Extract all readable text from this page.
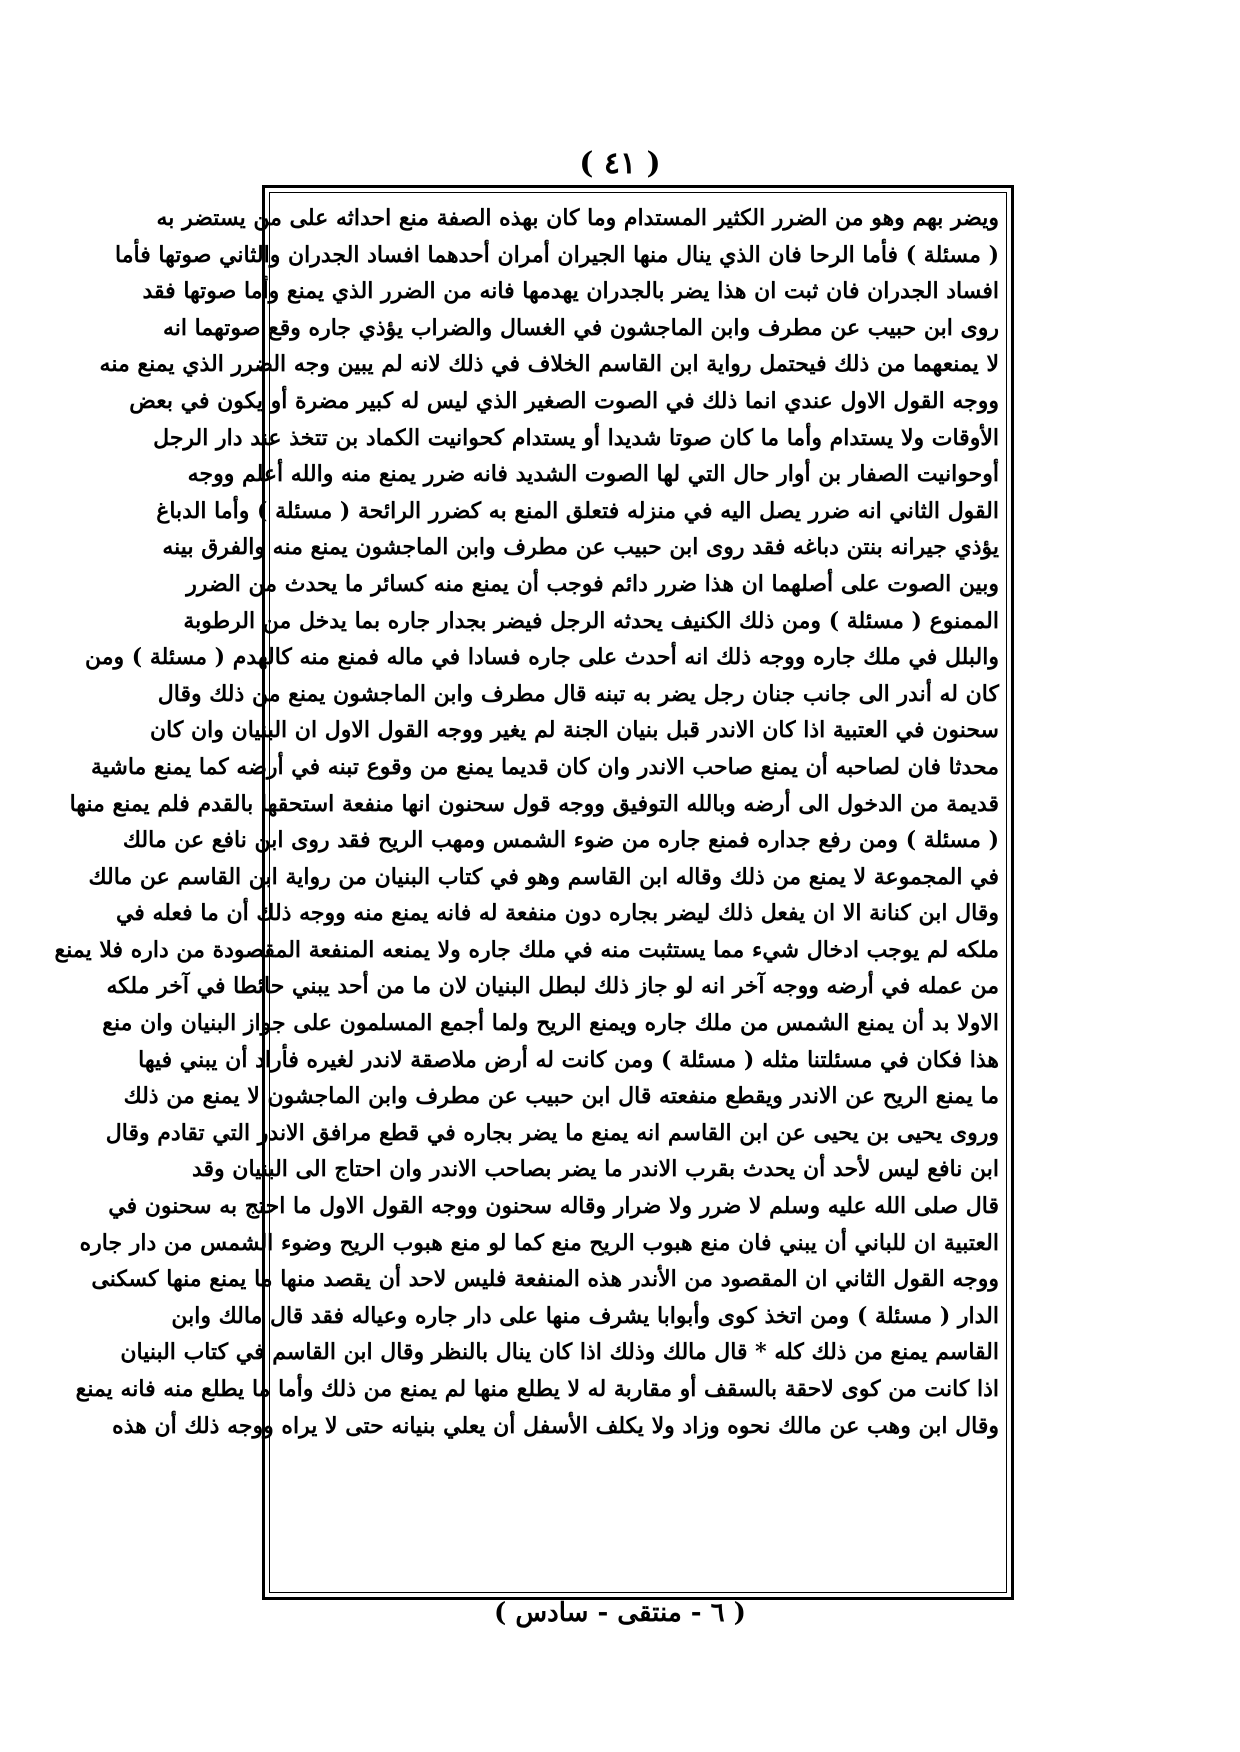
( ٤١ )
ويضر بهم وهو من الضرر الكثير المستدام وما كان بهذه الصفة منع احداثه على من يستضر به
( مسئلة ) فأما الرحا فان الذي ينال منها الجيران أمران أحدهما افساد الجدران والثاني صوتها فأما
افساد الجدران فان ثبت ان هذا يضر بالجدران يهدمها فانه من الضرر الذي يمنع وأما صوتها فقد
روى ابن حبيب عن مطرف وابن الماجشون في الغسال والضراب يؤذي جاره وقع صوتهما انه
لا يمنعهما من ذلك فيحتمل رواية ابن القاسم الخلاف في ذلك لانه لم يبين وجه الضرر الذي يمنع منه
ووجه القول الاول عندي انما ذلك في الصوت الصغير الذي ليس له كبير مضرة أو يكون في بعض
الأوقات ولا يستدام وأما ما كان صوتا شديدا أو يستدام كحوانيت الكماد بن تتخذ عند دار الرجل
أوحوانيت الصفار بن أوار حال التي لها الصوت الشديد فانه ضرر يمنع منه والله أعلم ووجه
القول الثاني انه ضرر يصل اليه في منزله فتعلق المنع به كضرر الرائحة ( مسئلة ) وأما الدباغ
يؤذي جيرانه بنتن دباغه فقد روى ابن حبيب عن مطرف وابن الماجشون يمنع منه والفرق بينه
وبين الصوت على أصلهما ان هذا ضرر دائم فوجب أن يمنع منه كسائر ما يحدث من الضرر
الممنوع ( مسئلة ) ومن ذلك الكنيف يحدثه الرجل فيضر بجدار جاره بما يدخل من الرطوبة
والبلل في ملك جاره ووجه ذلك انه أحدث على جاره فسادا في ماله فمنع منه كالهدم ( مسئلة ) ومن
كان له أندر الى جانب جنان رجل يضر به تبنه قال مطرف وابن الماجشون يمنع من ذلك وقال
سحنون في العتبية اذا كان الاندر قبل بنيان الجنة لم يغير ووجه القول الاول ان البنيان وان كان
محدثا فان لصاحبه أن يمنع صاحب الاندر وان كان قديما يمنع من وقوع تبنه في أرضه كما يمنع ماشية
قديمة من الدخول الى أرضه وبالله التوفيق ووجه قول سحنون انها منفعة استحقها بالقدم فلم يمنع منها
( مسئلة ) ومن رفع جداره فمنع جاره من ضوء الشمس ومهب الريح فقد روى ابن نافع عن مالك
في المجموعة لا يمنع من ذلك وقاله ابن القاسم وهو في كتاب البنيان من رواية ابن القاسم عن مالك
وقال ابن كنانة الا ان يفعل ذلك ليضر بجاره دون منفعة له فانه يمنع منه ووجه ذلك أن ما فعله في
ملكه لم يوجب ادخال شيء مما يستثبت منه في ملك جاره ولا يمنعه المنفعة المقصودة من داره فلا يمنع
من عمله في أرضه ووجه آخر انه لو جاز ذلك لبطل البنيان لان ما من أحد يبني حائطا في آخر ملكه
الاولا بد أن يمنع الشمس من ملك جاره ويمنع الريح ولما أجمع المسلمون على جواز البنيان وان منع
هذا فكان في مسئلتنا مثله ( مسئلة ) ومن كانت له أرض ملاصقة لاندر لغيره فأراد أن يبني فيها
ما يمنع الريح عن الاندر ويقطع منفعته قال ابن حبيب عن مطرف وابن الماجشون لا يمنع من ذلك
وروى يحيى بن يحيى عن ابن القاسم انه يمنع ما يضر بجاره في قطع مرافق الاندر التي تقادم وقال
ابن نافع ليس لأحد أن يحدث بقرب الاندر ما يضر بصاحب الاندر وان احتاج الى البنيان وقد
قال صلى الله عليه وسلم لا ضرر ولا ضرار وقاله سحنون ووجه القول الاول ما احتج به سحنون في
العتبية ان للباني أن يبني فان منع هبوب الريح منع كما لو منع هبوب الريح وضوء الشمس من دار جاره
ووجه القول الثاني ان المقصود من الأندر هذه المنفعة فليس لاحد أن يقصد منها ما يمنع منها كسكنى
الدار ( مسئلة ) ومن اتخذ كوى وأبوابا يشرف منها على دار جاره وعياله فقد قال مالك وابن
القاسم يمنع من ذلك كله * قال مالك وذلك اذا كان ينال بالنظر وقال ابن القاسم في كتاب البنيان
اذا كانت من كوى لاحقة بالسقف أو مقاربة له لا يطلع منها لم يمنع من ذلك وأما ما يطلع منه فانه يمنع
وقال ابن وهب عن مالك نحوه وزاد ولا يكلف الأسفل أن يعلي بنيانه حتى لا يراه ووجه ذلك أن هذه
( ٦ - منتقى - سادس )
